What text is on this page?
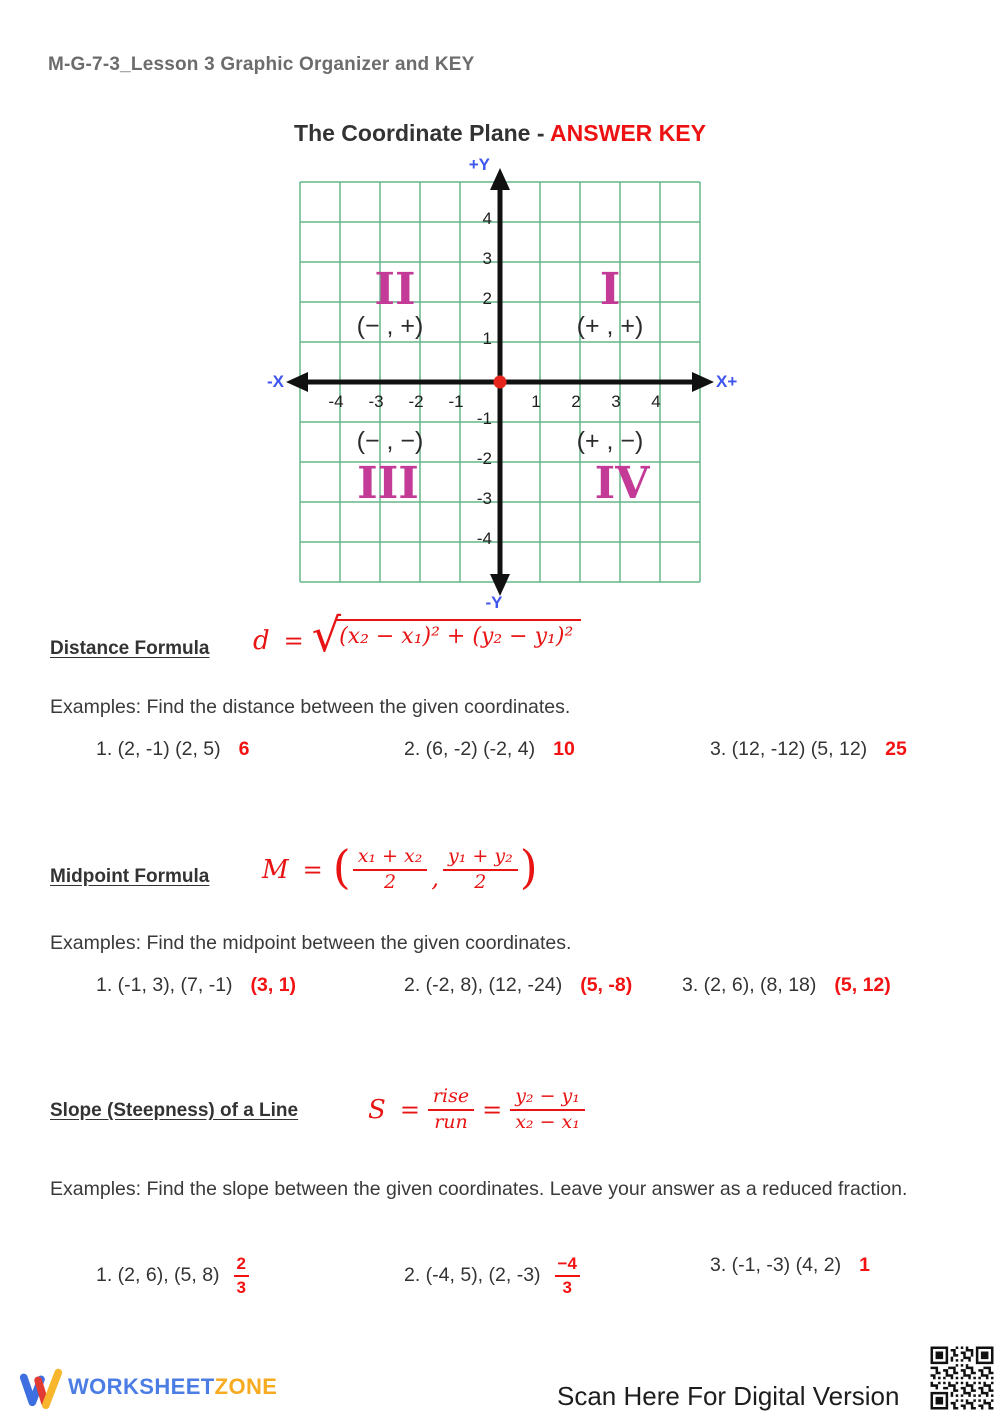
M-G-7-3_Lesson 3 Graphic Organizer and KEY
The Coordinate Plane - ANSWER KEY
+Y
-Y
-X	X+
-4 -3 -2 -1	1 2 3 4
4
3
2
1
-1
-2
-3
-4
II
(− , +)
I
(+ , +)
(− , −)
III
(+ , −)
IV
Distance Formula d = √
(x₂ − x₁)² + (y₂ − y₁)²
Examples: Find the distance between the given coordinates.
1. (2, -1) (2, 5) 6	2. (6, -2) (-2, 4) 10	3. (12, -12) (5, 12) 25
Midpoint Formula M = ( $\frac{\text{x₁ + x₂}}{2}$ , $\frac{\text{y₁ + y₂}}{2}$ )
Examples: Find the midpoint between the given coordinates.
1. (-1, 3), (7, -1) (3, 1)	2. (-2, 8), (12, -24) (5, -8)	3. (2, 6), (8, 18) (5, 12)
Slope (Steepness) of a Line	$S = \frac{\text{rise}}{\text{run}} = \frac{\text{y₂ − y₁}}{\text{x₂ − x₁}}$
Examples: Find the slope between the given coordinates. Leave your answer as a reduced fraction.
1. (2, 6), (5, $8) \frac{2}{3}$	2. (-4, 5), (2, $-3) \frac{-4}{3}$	3. (-1, -3) (4, 2) 1
WORKSHEETZONE	Scan Here For Digital Version
